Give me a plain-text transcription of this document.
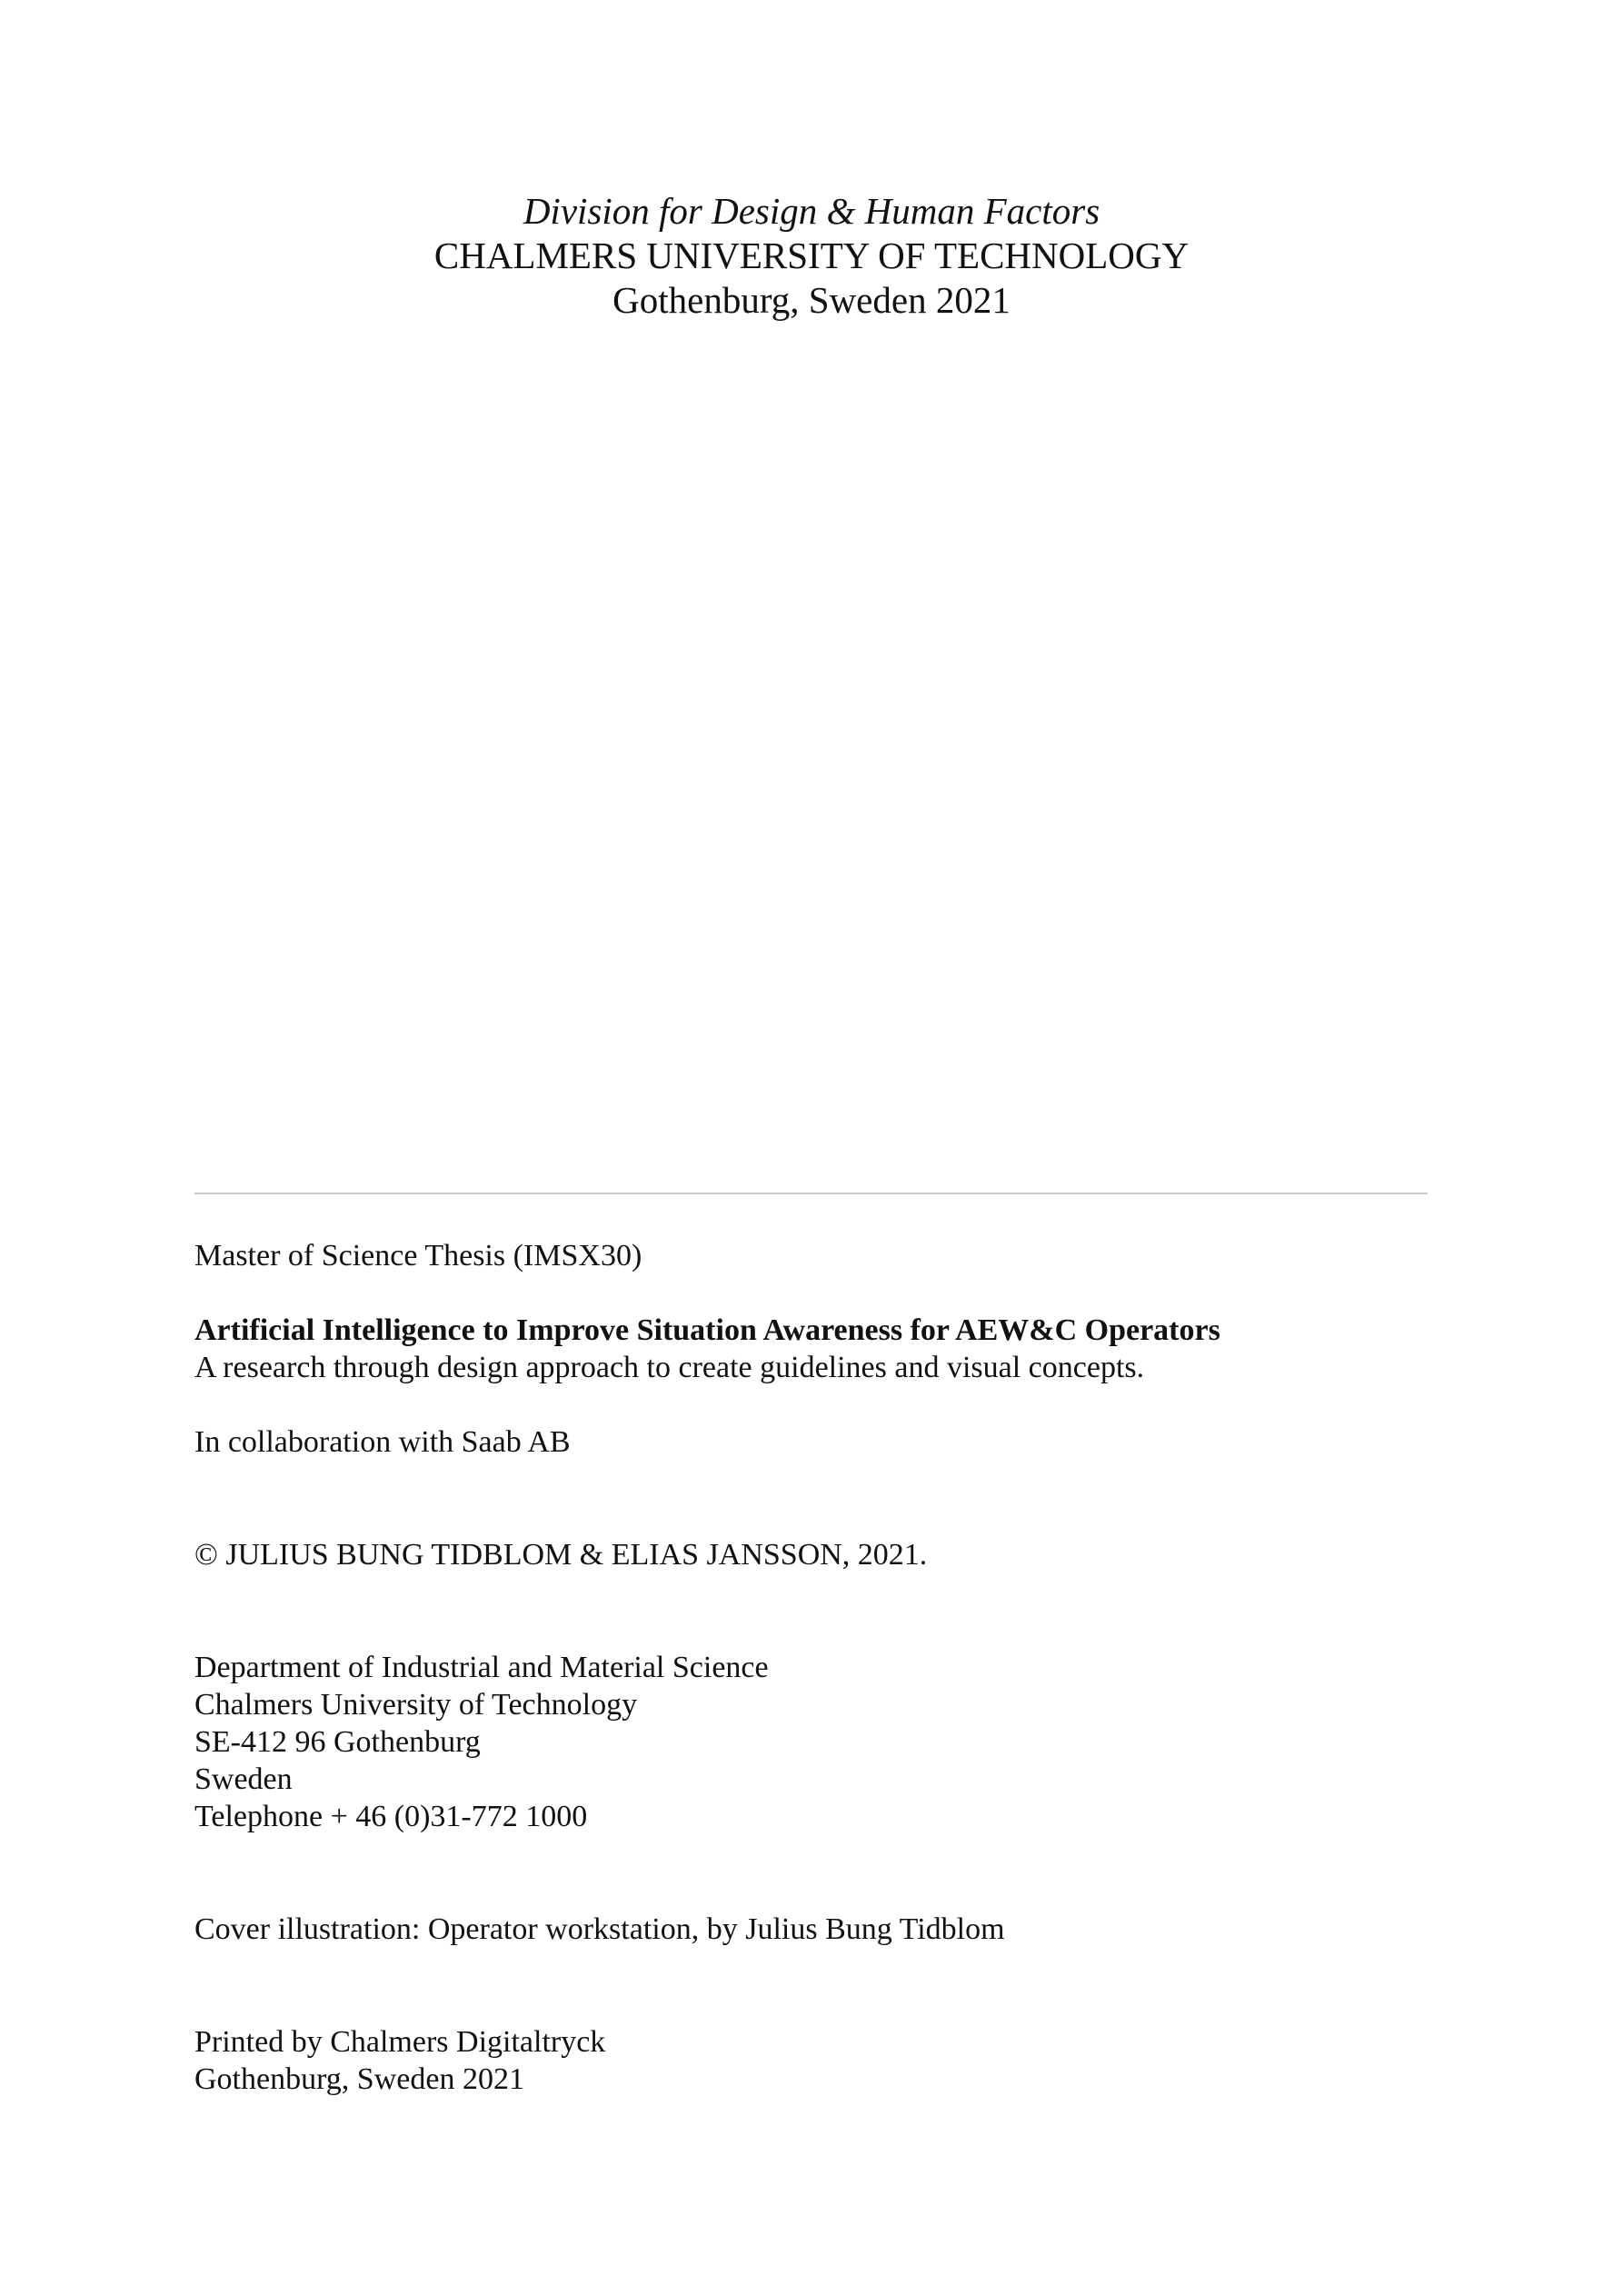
Division for Design & Human Factors
CHALMERS UNIVERSITY OF TECHNOLOGY
Gothenburg, Sweden 2021
Master of Science Thesis (IMSX30)
Artificial Intelligence to Improve Situation Awareness for AEW&C Operators
A research through design approach to create guidelines and visual concepts.
In collaboration with Saab AB
© JULIUS BUNG TIDBLOM & ELIAS JANSSON, 2021.
Department of Industrial and Material Science
Chalmers University of Technology
SE-412 96 Gothenburg
Sweden
Telephone + 46 (0)31-772 1000
Cover illustration: Operator workstation, by Julius Bung Tidblom
Printed by Chalmers Digitaltryck
Gothenburg, Sweden 2021
